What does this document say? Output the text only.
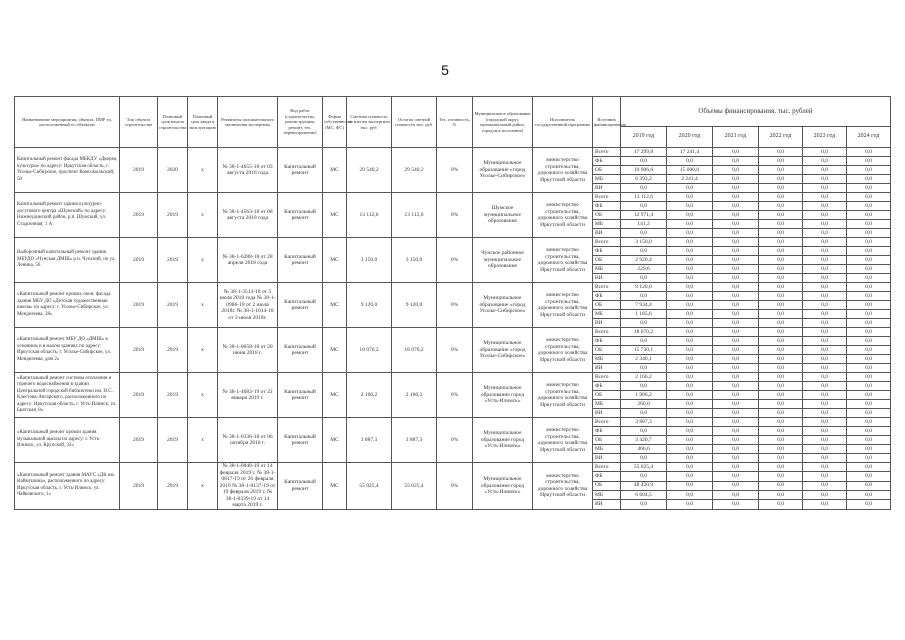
5
Наименование мероприятия, объекта, ПМР ед. расположенный по объектам	Тип объекта строительства	Плановый срок начала строительства	Плановый срок ввода в эксплуатацию	Реквизиты положительного заключения экспертизы	Вид работ (строительство, реконструкция, ремонт, тех. перевооружение)	Форма собственности (МС, ФС)	Сметная стоимость по итогам экспертизы тыс. руб.	Остаток сметной стоимости тыс. руб.	Тех. готовность, %	Муниципальное образование (городской округ, муниципальный район, городское поселение)	Исполнитель государственной программы	Источник финансирования	Объемы финансирования, тыс. рублей					
													2019 год	2020 год	2021 год	2022 год	2023 год	2024 год
Капитальный ремонт фасада МБКДУ «Дворец культуры» по адресу: Иркутская область, г. Усолье-Сибирское, проспект Комсомольский, 50	2019	2020	х	№ 38-1-4655-18 от 03 августа 2018 года	Капитальный ремонт	МС	29 540,2	29 540,2	0%	Муниципальное образование «город Усолье-Сибирское»	министерство строительства, дорожного хозяйства Иркутской области	Всего	17 299,8	17 241,4	0,0	0,0	0,0	0,0
												ФБ	0,0	0,0	0,0	0,0	0,0	0,0
												ОБ	10 906,6	15 000,0	0,0	0,0	0,0	0,0
												МБ	6 393,2	2 241,4	0,0	0,0	0,0	0,0
												ВИ	0,0	0,0	0,0	0,0	0,0	0,0
Капитальный ремонт здания культурно-досугового центра «Шумский» по адресу: Нижнеудинский район, р.п. Шумский, ул. Стадионная, 1 А	2019	2019	х	№ 38-1-4563-18 от 08 августа 2018 года	Капитальный ремонт	МС	13 112,6	13 112,6	0%	Шумское муниципальное образование	министерство строительства, дорожного хозяйства Иркутской области	Всего	13 112,6	0,0	0,0	0,0	0,0	0,0
												ФБ	0,0	0,0	0,0	0,0	0,0	0,0
												ОБ	12 971,4	0,0	0,0	0,0	0,0	0,0
												МБ	141,2	0,0	0,0	0,0	0,0	0,0
												ВИ	0,0	0,0	0,0	0,0	0,0	0,0
Выборочный капитальный ремонт здания МБУДО «Чунская ДМШ» р.п. Чунский, по ул. Ленина, 56	2019	2019	х	№ 38-1-6288-18 от 28 апреля 2018 года	Капитальный ремонт	МС	3 150,0	3 150,0	0%	Чунское районное муниципальное образование	министерство строительства, дорожного хозяйства Иркутской области	Всего	3 150,0	0,0	0,0	0,0	0,0	0,0
												ФБ	0,0	0,0	0,0	0,0	0,0	0,0
												ОБ	2 920,4	0,0	0,0	0,0	0,0	0,0
												МБ	229,6	0,0	0,0	0,0	0,0	0,0
												ВИ	0,0	0,0	0,0	0,0	0,0	0,0
«Капитальный ремонт кровли, окон, фасада здания МБУ ДО «Детская художественная школа» по адресу: г. Усолье-Сибирское, ул. Менделеева, 28»	2019	2019	х	№ 38-1-3513-18 от 5 июля 2018 года № 38-1-0986-18 от 2 июля 2018г. № 38-1-1014-18 от 3 июля 2018г.	Капитальный ремонт	МС	9 120,0	9 120,0	0%	Муниципальное образование «город Усолье-Сибирское»	министерство строительства, дорожного хозяйства Иркутской области	Всего	9 120,0	0,0	0,0	0,0	0,0	0,0
												ФБ	0,0	0,0	0,0	0,0	0,0	0,0
												ОБ	7 934,4	0,0	0,0	0,0	0,0	0,0
												МБ	1 185,6	0,0	0,0	0,0	0,0	0,0
												ВИ	0,0	0,0	0,0	0,0	0,0	0,0
«Капитальный ремонт МБУ ДО «ДМШ» в основном и в малом зданиях по адресу: Иркутская область, г. Усолье-Сибирское, ул. Менделеева, дом 2»	2019	2019	х	№ 38-1-0658-18 от 20 июня 2018 г.	Капитальный ремонт	МС	18 070,2	18 070,2	0%	Муниципальное образование «город Усолье-Сибирское»	министерство строительства, дорожного хозяйства Иркутской области	Всего	18 070,2	0,0	0,0	0,0	0,0	0,0
												ФБ	0,0	0,0	0,0	0,0	0,0	0,0
												ОБ	15 730,1	0,0	0,0	0,0	0,0	0,0
												МБ	2 340,1	0,0	0,0	0,0	0,0	0,0
												ВИ	0,0	0,0	0,0	0,0	0,0	0,0
«Капитальный ремонт системы отопления и горячего водоснабжения в здании Центральной городской библиотеки им. Н.С. Клестова-Ангарского, расположенного по адресу: Иркутская область, г. Усть-Илимск, ул. Братская, 8»	2019	2019	х	№ 38-1-4683-19 от 22 января 2019 г.	Капитальный ремонт	МС	2 166,2	2 166,2	0%	Муниципальное образование город «Усть-Илимск»	министерство строительства, дорожного хозяйства Иркутской области	Всего	2 166,2	0,0	0,0	0,0	0,0	0,0
												ФБ	0,0	0,0	0,0	0,0	0,0	0,0
												ОБ	1 906,2	0,0	0,0	0,0	0,0	0,0
												МБ	260,0	0,0	0,0	0,0	0,0	0,0
												ВИ	0,0	0,0	0,0	0,0	0,0	0,0
«Капитальный ремонт кровли здания музыкальной школы по адресу: г. Усть-Илимск, ул. Крупской, 32»	2019	2019	х	№ 38-1-0336-18 от 06 октября 2018 г.	Капитальный ремонт	МС	3 887,3	3 887,3	0%	Муниципальное образование город «Усть-Илимск»	министерство строительства, дорожного хозяйства Иркутской области	Всего	3 887,3	0,0	0,0	0,0	0,0	0,0
												ФБ	0,0	0,0	0,0	0,0	0,0	0,0
												ОБ	3 420,7	0,0	0,0	0,0	0,0	0,0
												МБ	466,6	0,0	0,0	0,0	0,0	0,0
												ВИ	0,0	0,0	0,0	0,0	0,0	0,0
«Капитальный ремонт здания МАУС «ДК им. Наймушина», расположенного по адресу: Иркутская область, г. Усть-Илимск, ул. Чайковского, 1»	2019	2019	х	№ 38-1-0848-19 от 14 февраля 2019 г. № 38-1-0817-19 от 26 февраля 2019 № 38-1-0137-19 от 19 февраля 2019 г. № 38-1-0339-19 от 14 марта 2019 г.	Капитальный ремонт	МС	55 025,4	55 025,4	0%	Муниципальное образование город «Усть-Илимск»	министерство строительства, дорожного хозяйства Иркутской области	Всего	55 025,4	0,0	0,0	0,0	0,0	0,0
												ФБ	0,0	0,0	0,0	0,0	0,0	0,0
												ОБ	48 420,9	0,0	0,0	0,0	0,0	0,0
												МБ	6 604,5	0,0	0,0	0,0	0,0	0,0
												ВИ	0,0	0,0	0,0	0,0	0,0	0,0
